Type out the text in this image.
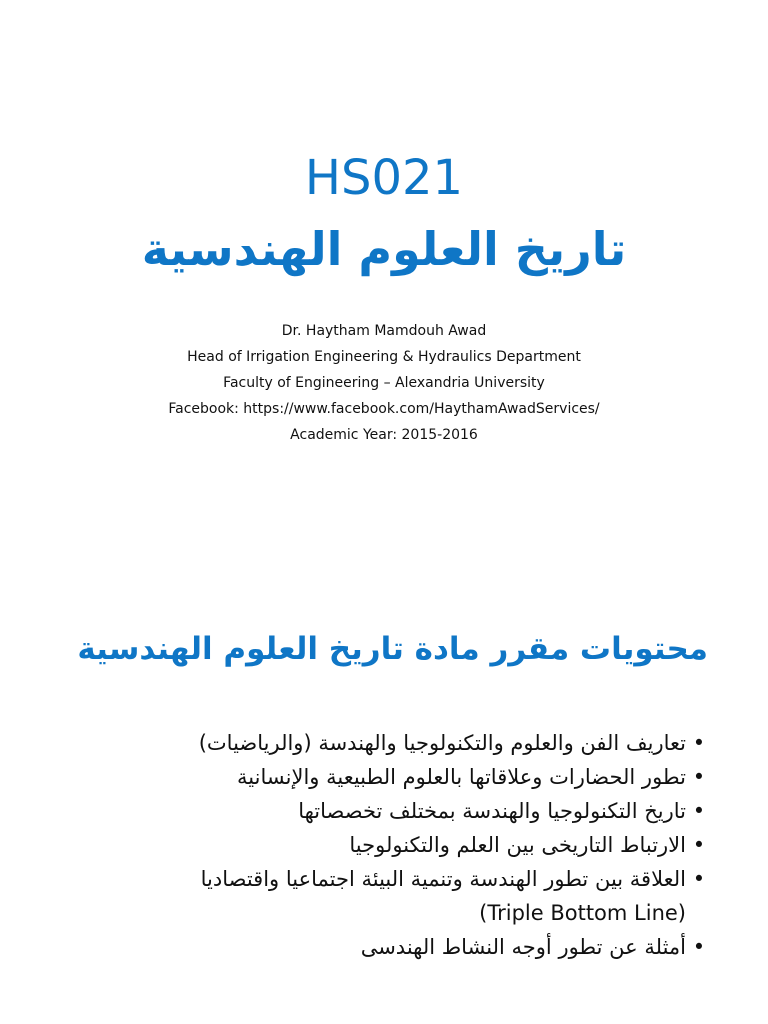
HS021
تاريخ العلوم الهندسية
Dr. Haytham Mamdouh Awad
Head of Irrigation Engineering & Hydraulics Department
Faculty of Engineering – Alexandria University
Facebook: https://www.facebook.com/HaythamAwadServices/
Academic Year: 2015-2016
محتويات مقرر مادة تاريخ العلوم الهندسية
•
تعاريف الفن والعلوم والتكنولوجيا والهندسة (والرياضيات)
•
تطور الحضارات وعلاقاتها بالعلوم الطبيعية والإنسانية
•
تاريخ التكنولوجيا والهندسة بمختلف تخصصاتها
•
الارتباط التاريخى بين العلم والتكنولوجيا
•
العلاقة بين تطور الهندسة وتنمية البيئة اجتماعيا واقتصاديا
(Triple Bottom Line)
•
أمثلة عن تطور أوجه النشاط الهندسى
